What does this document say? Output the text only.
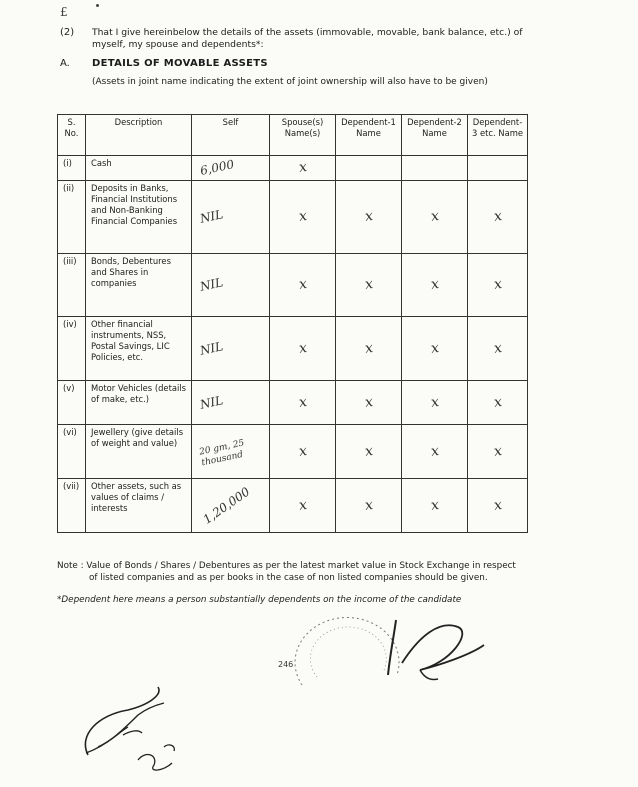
£
(2) That I give hereinbelow the details of the assets (immovable, movable, bank balance, etc.) of myself, my spouse and dependents*:
A. DETAILS OF MOVABLE ASSETS
(Assets in joint name indicating the extent of joint ownership will also have to be given)
S. No.	Description	Self	Spouse(s) Name(s)	Dependent-1 Name	Dependent-2 Name	Dependent-3 etc. Name
(i)	Cash	6,000	x			

(ii)	Deposits in Banks, Financial Institutions and Non-Banking Financial Companies	NIL	x	x	x	x

(iii)	Bonds, Debentures and Shares in companies	NIL	x	x	x	x

(iv)	Other financial instruments, NSS, Postal Savings, LIC Policies, etc.	NIL	x	x	x	x

(v)	Motor Vehicles (details of make, etc.)	NIL	x	x	x	x

(vi)	Jewellery (give details of weight and value)	20 gm, 25 thousand	x	x	x	x

(vii)	Other assets, such as values of claims / interests	1,20,000	x	x	x	x
Note : Value of Bonds / Shares / Debentures as per the latest market value in Stock Exchange in respect
of listed companies and as per books in the case of non listed companies should be given.
*Dependent here means a person substantially dependents on the income of the candidate
246
